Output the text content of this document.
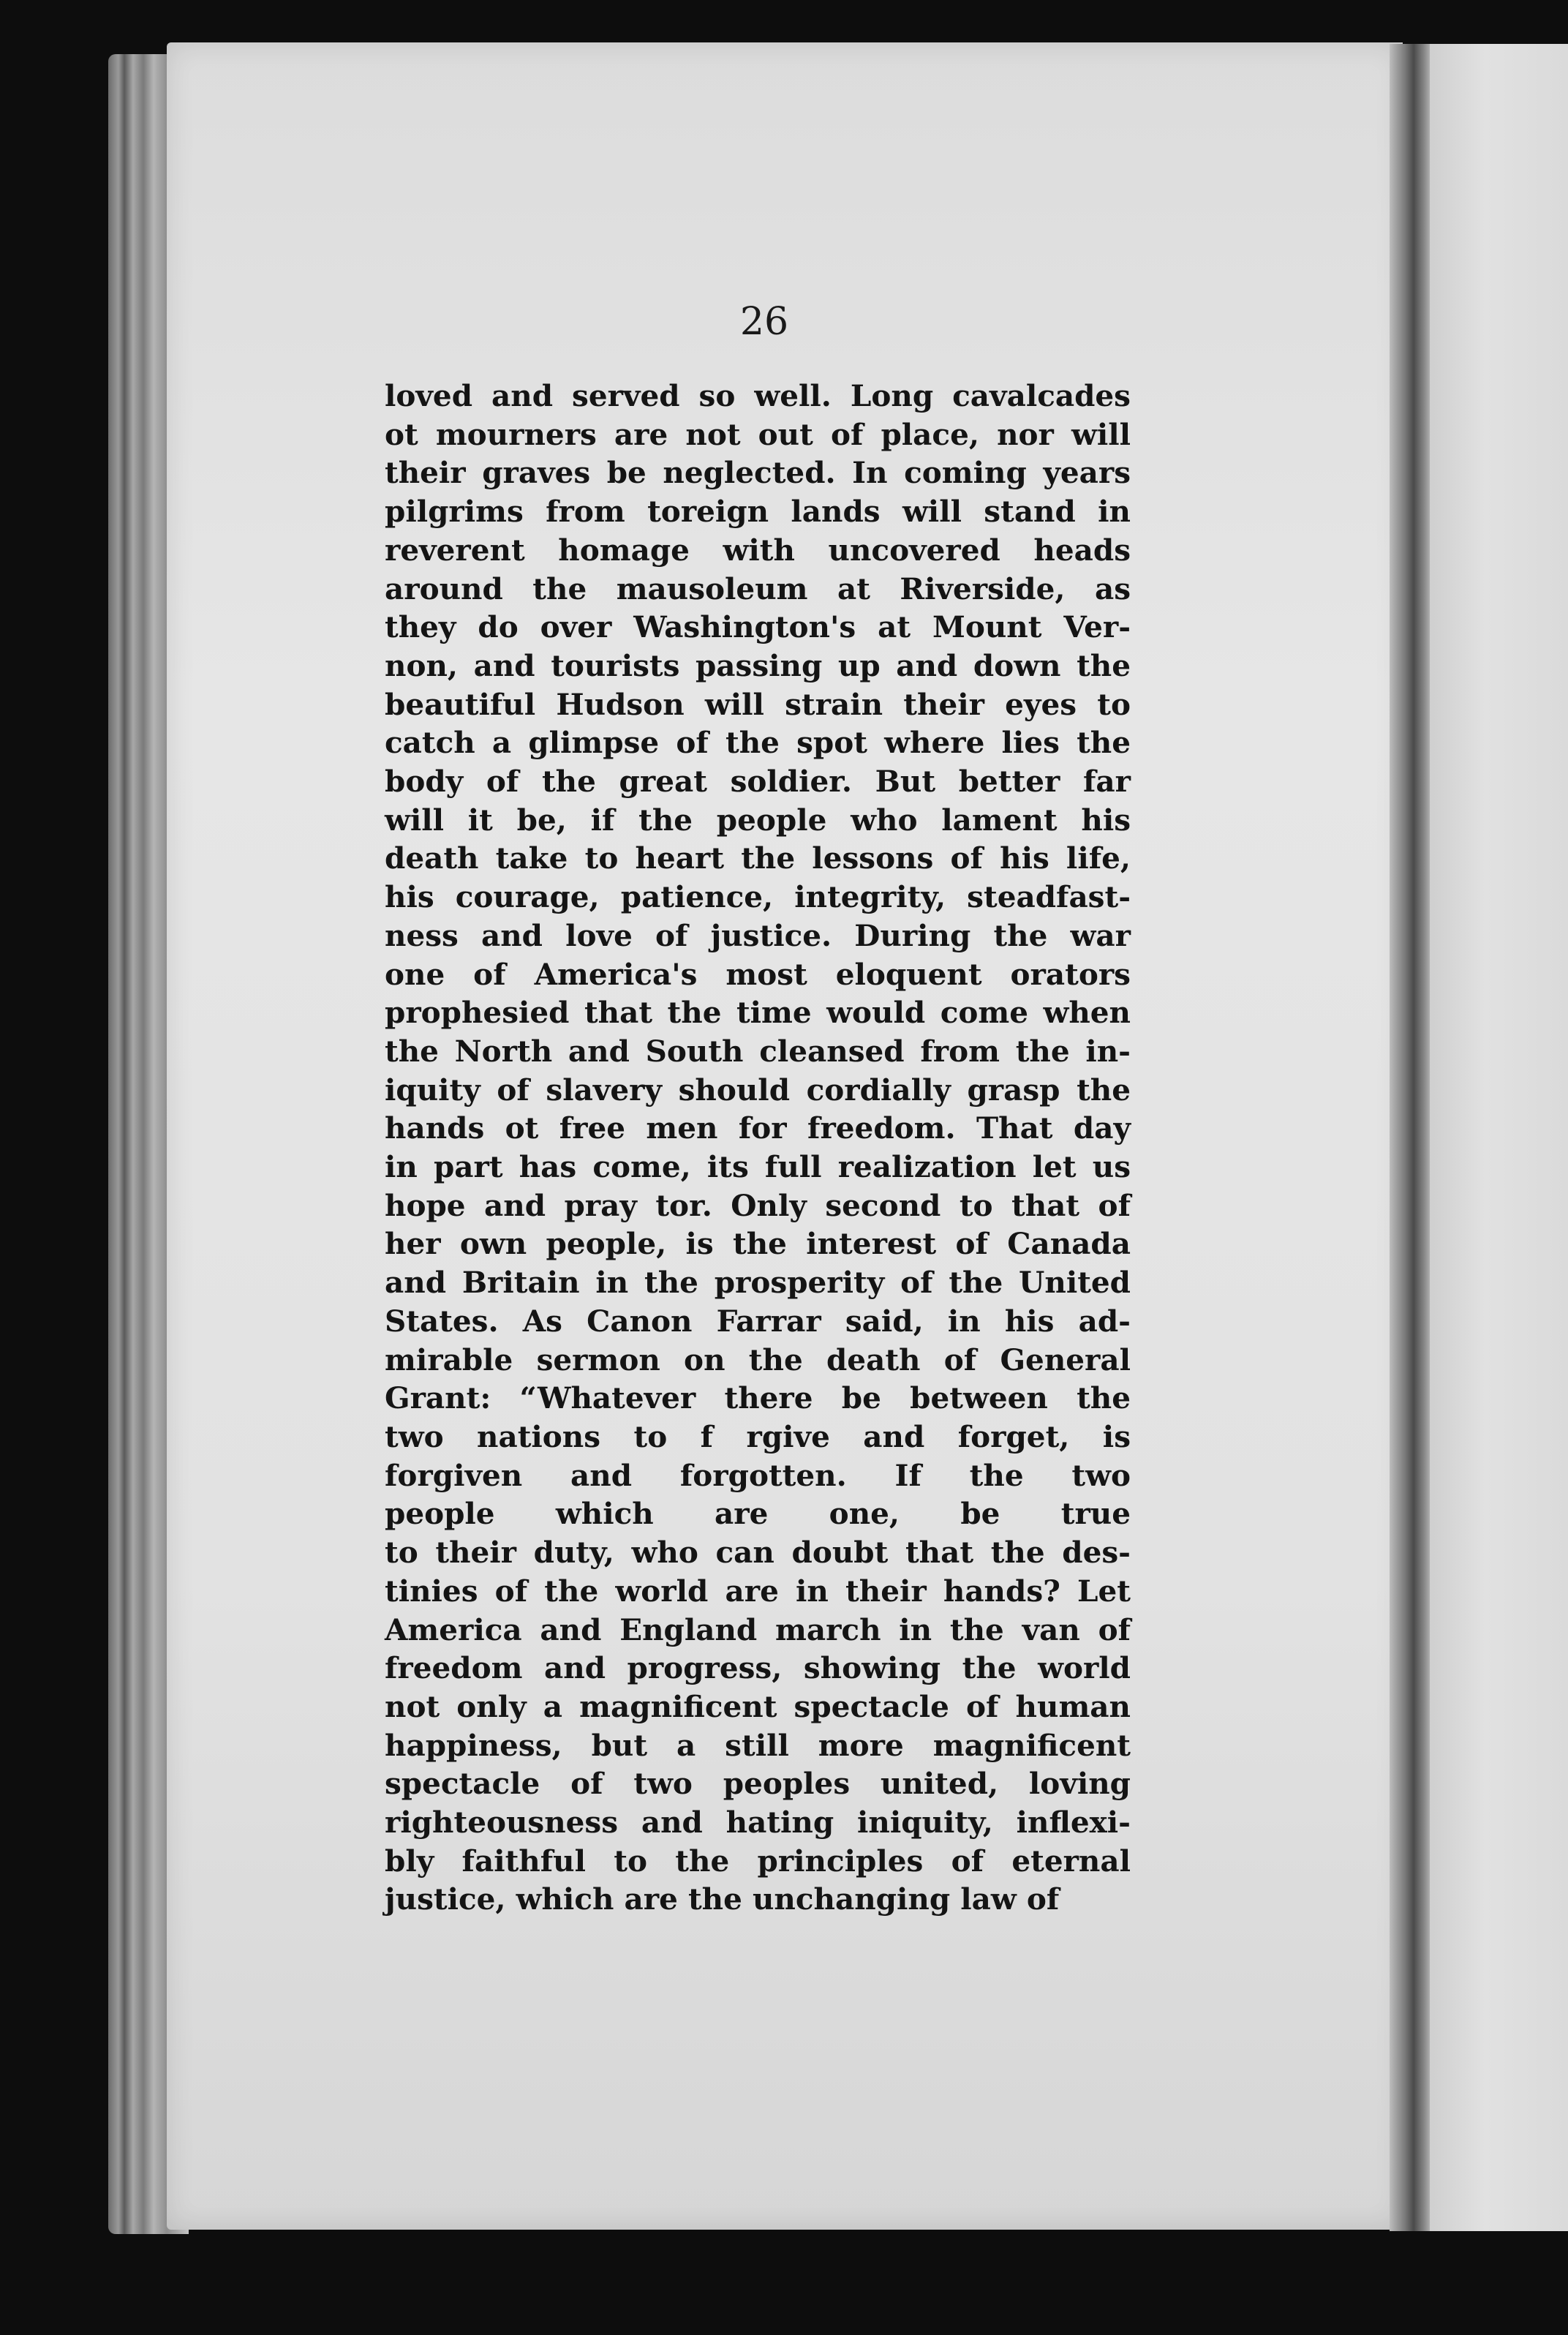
26
loved and served so well. Long cavalcades
ot mourners are not out of place, nor will
their graves be neglected. In coming years
pilgrims from toreign lands will stand in
reverent homage with uncovered heads
around the mausoleum at Riverside, as
they do over Washington's at Mount Ver-
non, and tourists passing up and down the
beautiful Hudson will strain their eyes to
catch a glimpse of the spot where lies the
body of the great soldier. But better far
will it be, if the people who lament his
death take to heart the lessons of his life,
his courage, patience, integrity, steadfast-
ness and love of justice. During the war
one of America's most eloquent orators
prophesied that the time would come when
the North and South cleansed from the in-
iquity of slavery should cordially grasp the
hands ot free men for freedom. That day
in part has come, its full realization let us
hope and pray tor. Only second to that of
her own people, is the interest of Canada
and Britain in the prosperity of the United
States. As Canon Farrar said, in his ad-
mirable sermon on the death of General
Grant: “Whatever there be between the
two nations to f rgive and forget, is
forgiven and forgotten. If the two
people which are one, be true
to their duty, who can doubt that the des-
tinies of the world are in their hands? Let
America and England march in the van of
freedom and progress, showing the world
not only a magnificent spectacle of human
happiness, but a still more magnificent
spectacle of two peoples united, loving
righteousness and hating iniquity, inflexi-
bly faithful to the principles of eternal
justice, which are the unchanging law of
